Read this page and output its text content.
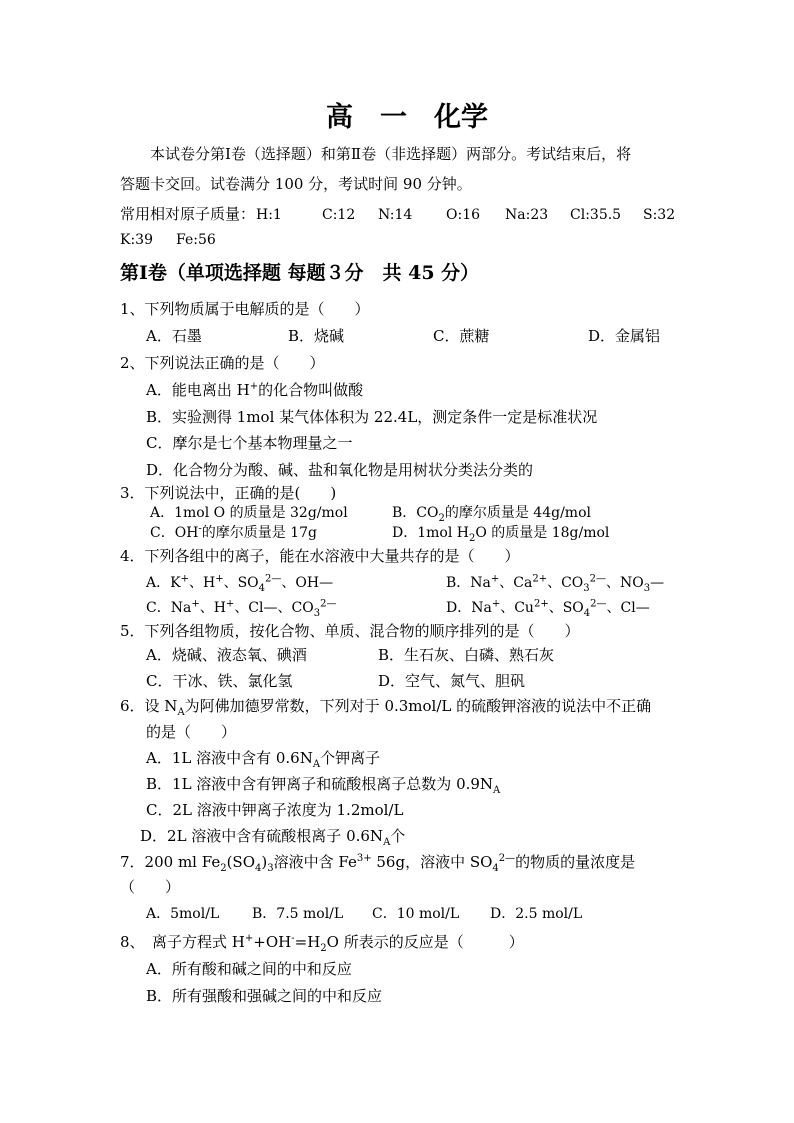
高　一　化学
本试卷分第Ⅰ卷（选择题）和第Ⅱ卷（非选择题）两部分。考试结束后，将
答题卡交回。试卷满分 100 分，考试时间 90 分钟。
常用相对原子质量： H:1	C:12 N:14 O:16 Na:23 Cl:35.5 S:32
K:39 Fe:56
第Ⅰ卷（单项选择题 每题３分　共 45 分）
1、下列物质属于电解质的是（　　）
A．石墨	B．烧碱	C．蔗糖	D．金属铝
2、下列说法正确的是（　　）
A．能电离出 H+的化合物叫做酸
B．实验测得 1mol 某气体体积为 22.4L，测定条件一定是标准状况
C．摩尔是七个基本物理量之一
D．化合物分为酸、碱、盐和氧化物是用树状分类法分类的
3．下列说法中，正确的是(　　)
A．1mol O 的质量是 32g/mol	B．$CO_2$的摩尔质量是 44g/mol
C．OH-的摩尔质量是 17g	D．1mol $H_2O$ 的质量是 18g/mol
4．下列各组中的离子，能在水溶液中大量共存的是（　　）
A．K+、H+、$SO_4^{2—}$、OH—	B．Na+、$Ca^{2+}$、$CO_3^{2—}$、$NO_3—$
C．Na+、H+、Cl—、$CO_3^{2—}$	D．Na+、$Cu^{2+}$、$SO_4^{2—}$、Cl—
5．下列各组物质，按化合物、单质、混合物的顺序排列的是（　　）
A．烧碱、液态氧、碘酒	B．生石灰、白磷、熟石灰
C．干冰、铁、氯化氢	D．空气、氮气、胆矾
6．设 $N_A$为阿佛加德罗常数，下列对于 0.3mol/L 的硫酸钾溶液的说法中不正确
的是（　　）
A．1L 溶液中含有 $0.6N_A$个钾离子
B．1L 溶液中含有钾离子和硫酸根离子总数为 $0.9N_A$
C．2L 溶液中钾离子浓度为 1.2mol/L
D．2L 溶液中含有硫酸根离子 $0.6N_A$个
7．200 ml $Fe_2(SO_4)_3$溶液中含 $Fe^{3+}$ 56g，溶液中 $SO_4^{2—}$的物质的量浓度是
（　　）
A．5mol/L B．7.5 mol/L C．10 mol/L D．2.5 mol/L
8、　离子方程式 $H^++OH^-=H_2O$ 所表示的反应是（　　　）
A．所有酸和碱之间的中和反应
B．所有强酸和强碱之间的中和反应
